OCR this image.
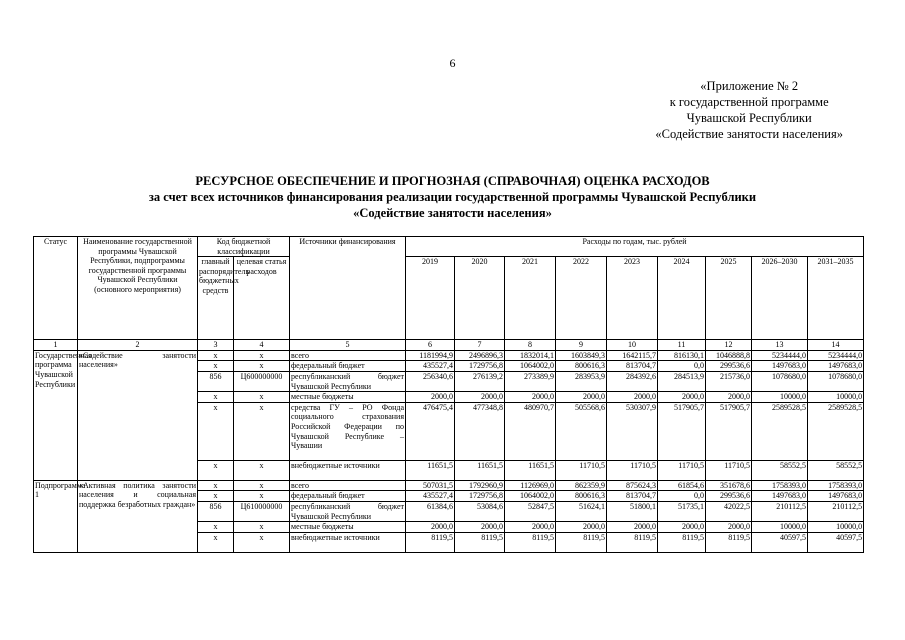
6
«Приложение № 2
к государственной программе
Чувашской Республики
«Содействие занятости населения»
РЕСУРСНОЕ ОБЕСПЕЧЕНИЕ И ПРОГНОЗНАЯ (СПРАВОЧНАЯ) ОЦЕНКА РАСХОДОВ
за счет всех источников финансирования реализации государственной программы Чувашской Республики
«Содействие занятости населения»
Статус	Наименование государственной программы Чувашской Республики, подпрограммы государственной программы Чувашской Республики (основного мероприятия)	Код бюджетной классификации		Источники финансирования	Расходы по годам, тыс. рублей								
		главный распорядитель бюджетных средств	целевая статья расходов		2019	2020	2021	2022	2023	2024	2025	2026–2030	2031–2035
1	2	3	4	5	6	7	8	9	10	11	12	13	14
Государственная программа Чувашской Республики	«Содействие занятости населения»	х	х	всего	1181994,9	2496896,3	1832014,1	1603849,3	1642115,7	816130,1	1046888,8	5234444,0	5234444,0
		х	х	федеральный бюджет	435527,4	1729756,8	1064002,0	800616,3	813704,7	0,0	299536,6	1497683,0	1497683,0
		856	Ц600000000	республиканский бюджет Чувашской Республики	256340,6	276139,2	273389,9	283953,9	284392,6	284513,9	215736,0	1078680,0	1078680,0
		х	х	местные бюджеты	2000,0	2000,0	2000,0	2000,0	2000,0	2000,0	2000,0	10000,0	10000,0
		х	х	средства ГУ – РО Фонда социального страхования Российской Федерации по Чувашской Республике – Чувашии	476475,4	477348,8	480970,7	505568,6	530307,9	517905,7	517905,7	2589528,5	2589528,5
		х	х	внебюджетные источники	11651,5	11651,5	11651,5	11710,5	11710,5	11710,5	11710,5	58552,5	58552,5
Подпрограмма 1	«Активная политика занятости населения и социальная поддержка безработных граждан»	х	х	всего	507031,5	1792960,9	1126969,0	862359,9	875624,3	61854,6	351678,6	1758393,0	1758393,0
		х	х	федеральный бюджет	435527,4	1729756,8	1064002,0	800616,3	813704,7	0,0	299536,6	1497683,0	1497683,0
		856	Ц610000000	республиканский бюджет Чувашской Республики	61384,6	53084,6	52847,5	51624,1	51800,1	51735,1	42022,5	210112,5	210112,5
		х	х	местные бюджеты	2000,0	2000,0	2000,0	2000,0	2000,0	2000,0	2000,0	10000,0	10000,0
		х	х	внебюджетные источники	8119,5	8119,5	8119,5	8119,5	8119,5	8119,5	8119,5	40597,5	40597,5
